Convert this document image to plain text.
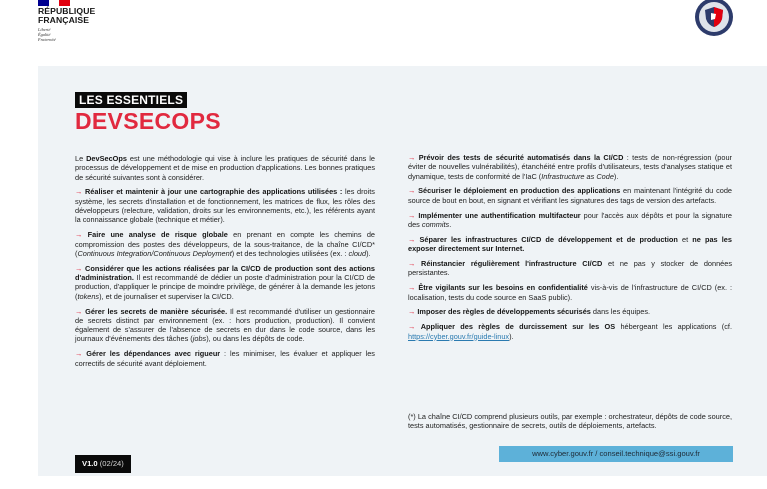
RÉPUBLIQUE
FRANÇAISE
Liberté
Égalité
Fraternité
LES ESSENTIELS
DEVSECOPS

Le DevSecOps est une méthodologie qui vise à inclure les pratiques de sécurité dans le processus de développement et de mise en production d'applications. Les bonnes pratiques de sécurité suivantes sont à considérer.

→ Réaliser et maintenir à jour une cartographie des applications utilisées : les droits système, les secrets d'installation et de fonctionnement, les matrices de flux, les rôles des développeurs (relecture, validation, droits sur les environnements, etc.), les référents ayant la connaissance globale (technique et métier).

→ Faire une analyse de risque globale en prenant en compte les chemins de compromission des postes des développeurs, de la sous-traitance, de la chaîne CI/CD* (Continuous Integration/Continuous Deployment) et des technologies utilisées (ex. : cloud).

→ Considérer que les actions réalisées par la CI/CD de production sont des actions d'administration. Il est recommandé de dédier un poste d'administration pour la CI/CD de production, d'appliquer le principe de moindre privilège, de générer à la demande les jetons (tokens), et de journaliser et superviser la CI/CD.

→ Gérer les secrets de manière sécurisée. Il est recommandé d'utiliser un gestionnaire de secrets distinct par environnement (ex. : hors production, production). Il convient également de s'assurer de l'absence de secrets en dur dans le code source, dans les journaux d'événements des tâches (jobs), ou dans les dépôts de code.

→ Gérer les dépendances avec rigueur : les minimiser, les évaluer et appliquer les correctifs de sécurité avant déploiement.

→ Prévoir des tests de sécurité automatisés dans la CI/CD : tests de non-régression (pour éviter de nouvelles vulnérabilités), étanchéité entre profils d'utilisateurs, tests d'analyses statique et dynamique, tests de conformité de l'IaC (Infrastructure as Code).

→ Sécuriser le déploiement en production des applications en maintenant l'intégrité du code source de bout en bout, en signant et vérifiant les signatures des tags de version des artefacts.

→ Implémenter une authentification multifacteur pour l'accès aux dépôts et pour la signature des commits.

→ Séparer les infrastructures CI/CD de développement et de production et ne pas les exposer directement sur Internet.

→ Réinstancier régulièrement l'infrastructure CI/CD et ne pas y stocker de données persistantes.

→ Être vigilants sur les besoins en confidentialité vis-à-vis de l'infrastructure de CI/CD (ex. : localisation, tests du code source en SaaS public).

→ Imposer des règles de développements sécurisés dans les équipes.

→ Appliquer des règles de durcissement sur les OS hébergeant les applications (cf. https://cyber.gouv.fr/guide-linux).

(*) La chaîne CI/CD comprend plusieurs outils, par exemple : orchestrateur, dépôts de code source, tests automatisés, gestionnaire de secrets, outils de déploiements, artefacts.
V1.0 (02/24)
www.cyber.gouv.fr / conseil.technique@ssi.gouv.fr
